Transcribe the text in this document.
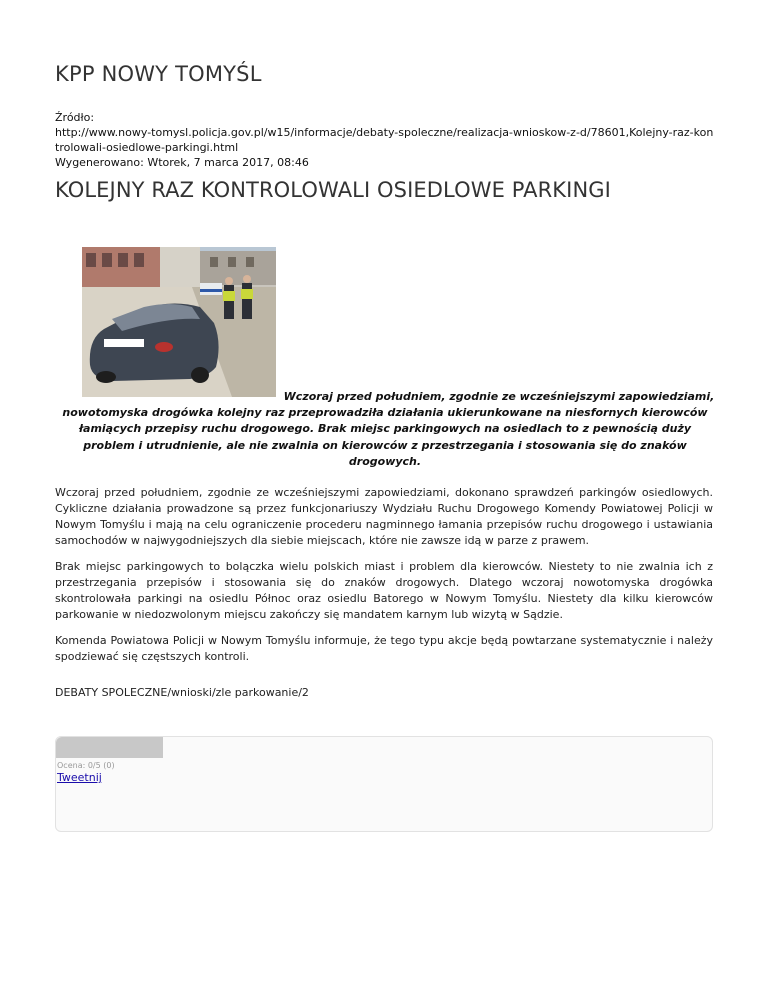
KPP NOWY TOMYŚL
Źródło:
http://www.nowy-tomysl.policja.gov.pl/w15/informacje/debaty-spoleczne/realizacja-wnioskow-z-d/78601,Kolejny-raz-kontrolowali-osiedlowe-parkingi.html
Wygenerowano: Wtorek, 7 marca 2017, 08:46
KOLEJNY RAZ KONTROLOWALI OSIEDLOWE PARKINGI
Wczoraj przed południem, zgodnie ze wcześniejszymi zapowiedziami, nowotomyska drogówka kolejny raz przeprowadziła działania ukierunkowane na niesfornych kierowców łamiących przepisy ruchu drogowego. Brak miejsc parkingowych na osiedlach to z pewnością duży problem i utrudnienie, ale nie zwalnia on kierowców z przestrzegania i stosowania się do znaków drogowych.

Wczoraj przed południem, zgodnie ze wcześniejszymi zapowiedziami, dokonano sprawdzeń parkingów osiedlowych. Cykliczne działania prowadzone są przez funkcjonariuszy Wydziału Ruchu Drogowego Komendy Powiatowej Policji w Nowym Tomyślu i mają na celu ograniczenie procederu nagminnego łamania przepisów ruchu drogowego i ustawiania samochodów w najwygodniejszych dla siebie miejscach, które nie zawsze idą w parze z prawem.

Brak miejsc parkingowych to bolączka wielu polskich miast i problem dla kierowców. Niestety to nie zwalnia ich z przestrzegania przepisów i stosowania się do znaków drogowych. Dlatego wczoraj nowotomyska drogówka skontrolowała parkingi na osiedlu Północ oraz osiedlu Batorego w Nowym Tomyślu. Niestety dla kilku kierowców parkowanie w niedozwolonym miejscu zakończy się mandatem karnym lub wizytą w Sądzie.

Komenda Powiatowa Policji w Nowym Tomyślu informuje, że tego typu akcje będą powtarzane systematycznie i należy spodziewać się częstszych kontroli.

DEBATY SPOLECZNE/wnioski/zle parkowanie/2
Ocena: 0/5 (0)
Tweetnij
